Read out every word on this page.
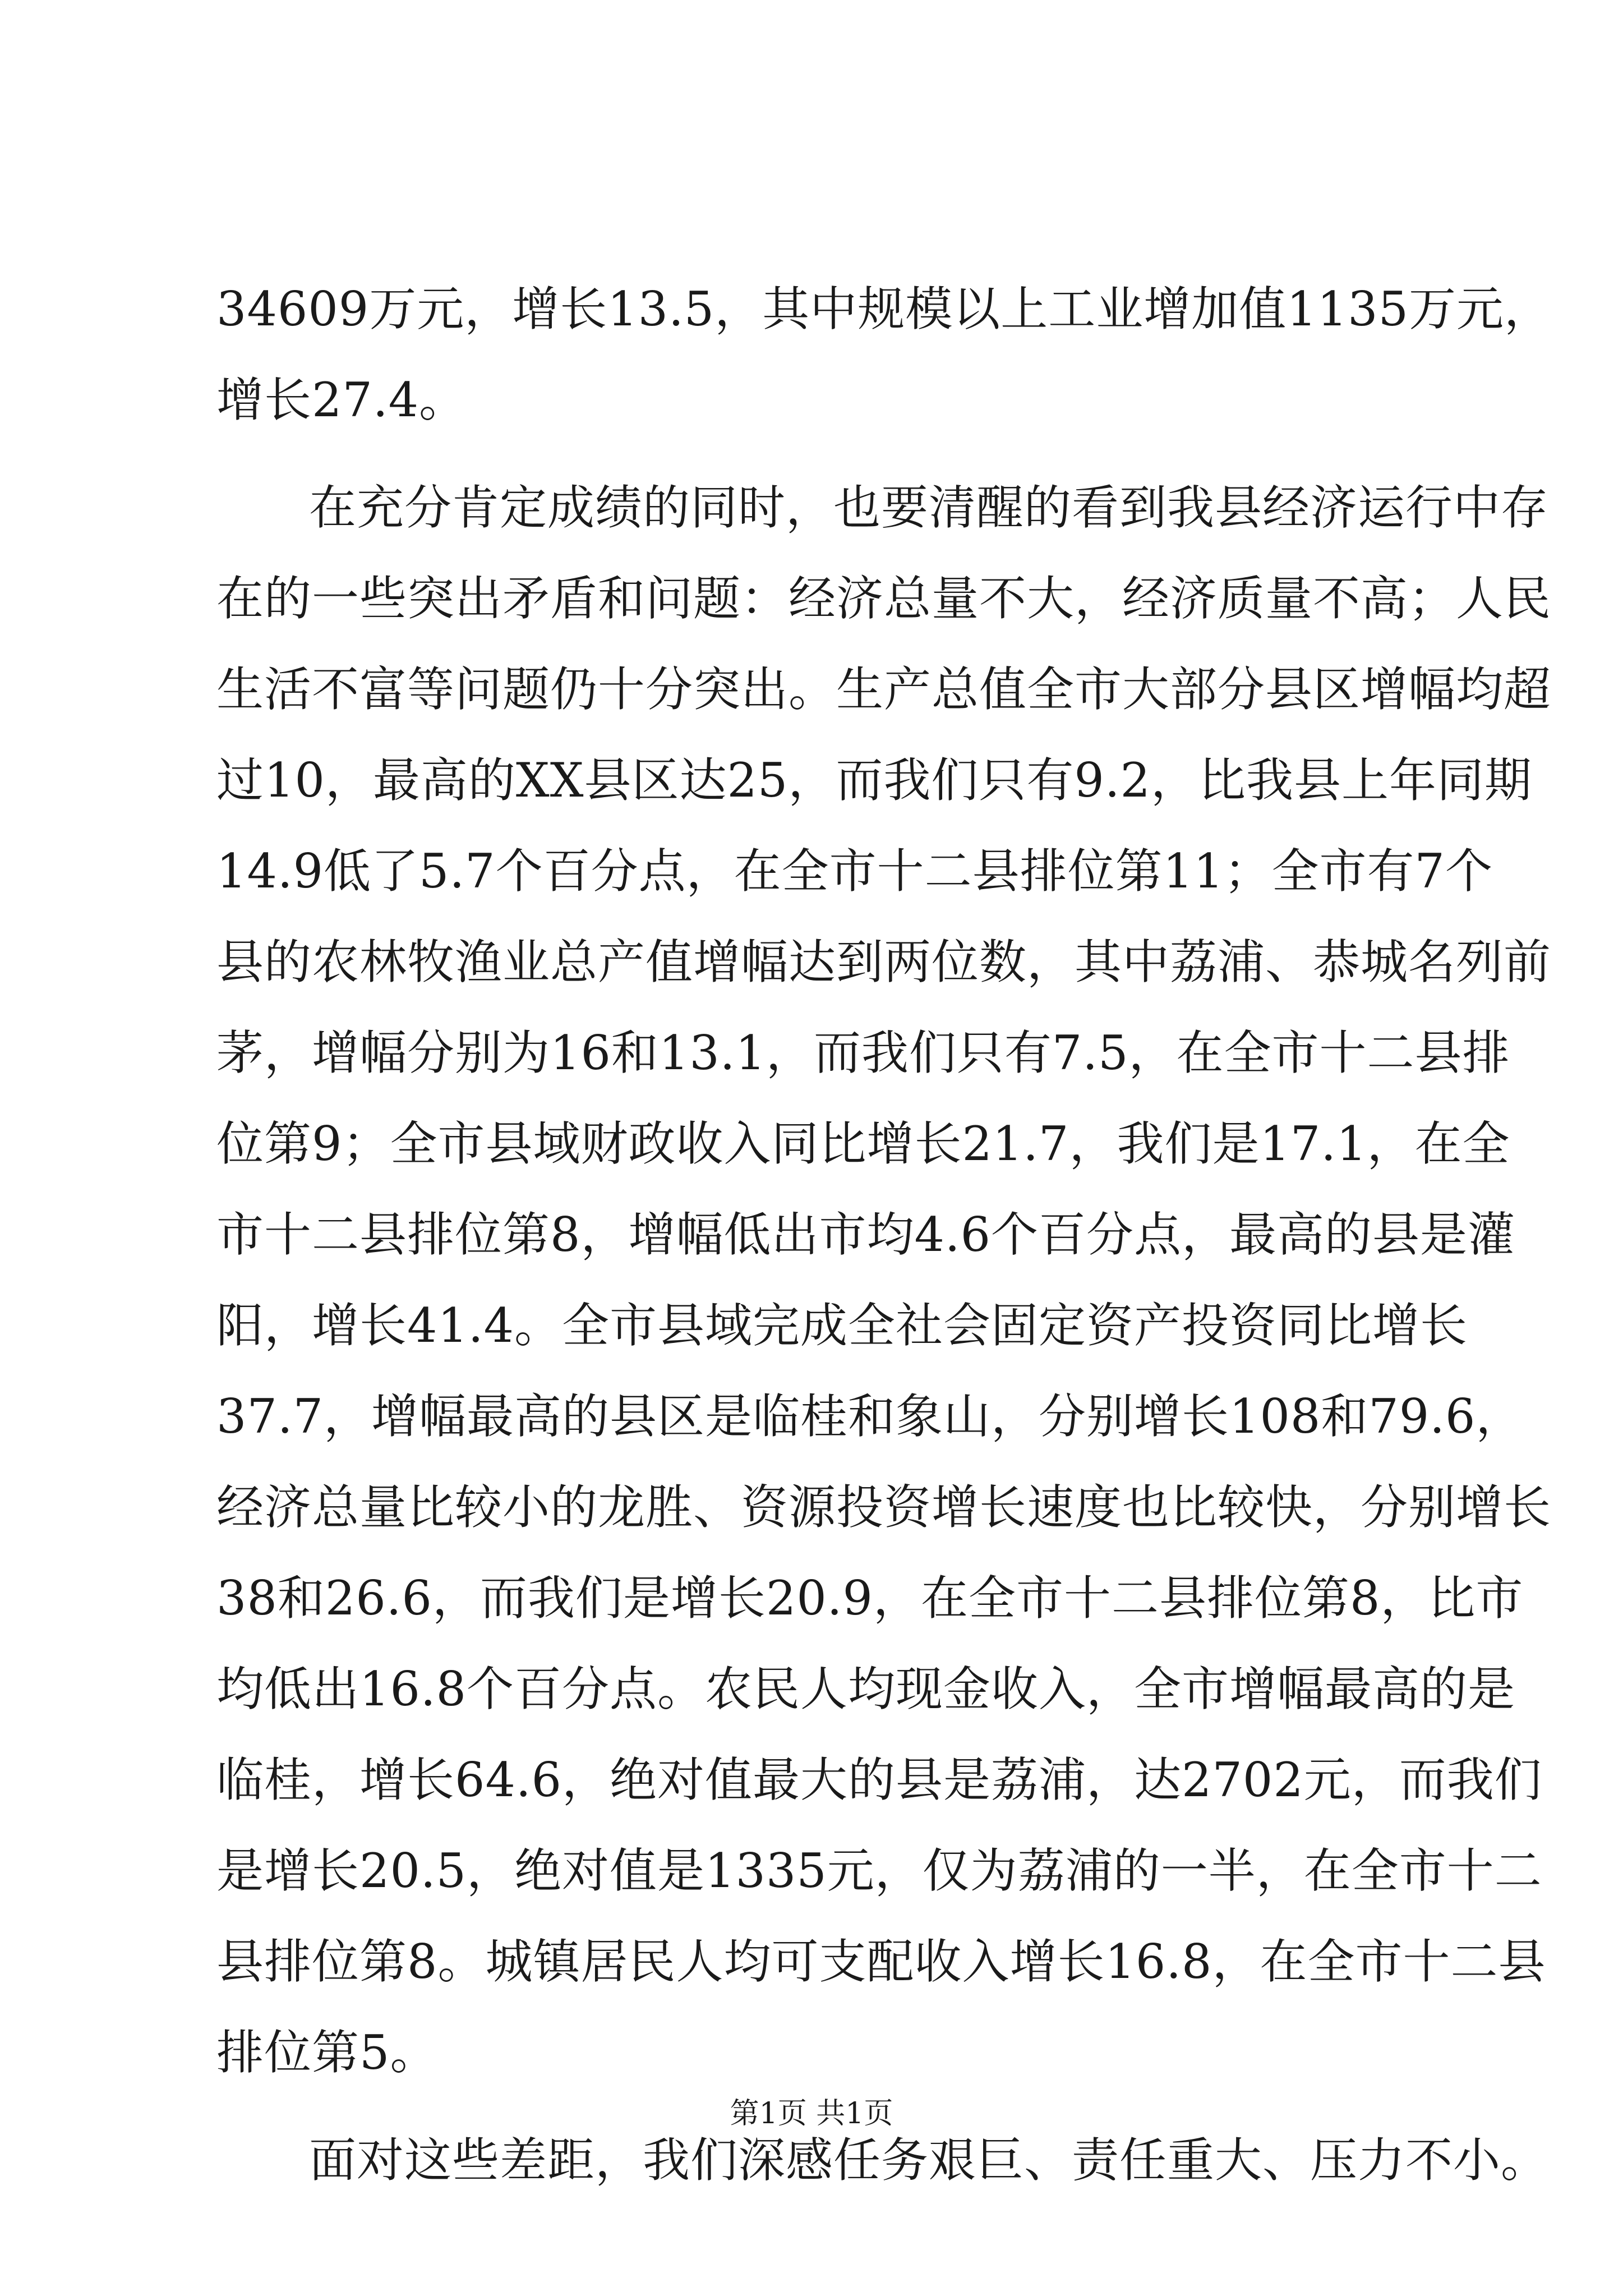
34609万元，增长13.5，其中规模以上工业增加值1135万元，
增长27.4。
在充分肯定成绩的同时，也要清醒的看到我县经济运行中存
在的一些突出矛盾和问题：经济总量不大，经济质量不高；人民
生活不富等问题仍十分突出。生产总值全市大部分县区增幅均超
过10，最高的XX县区达25，而我们只有9.2，比我县上年同期
14.9低了5.7个百分点，在全市十二县排位第11；全市有7个
县的农林牧渔业总产值增幅达到两位数，其中荔浦、恭城名列前
茅，增幅分别为16和13.1，而我们只有7.5，在全市十二县排
位第9；全市县域财政收入同比增长21.7，我们是17.1，在全
市十二县排位第8，增幅低出市均4.6个百分点，最高的县是灌
阳，增长41.4。全市县域完成全社会固定资产投资同比增长
37.7，增幅最高的县区是临桂和象山，分别增长108和79.6，
经济总量比较小的龙胜、资源投资增长速度也比较快，分别增长
38和26.6，而我们是增长20.9，在全市十二县排位第8，比市
均低出16.8个百分点。农民人均现金收入，全市增幅最高的是
临桂，增长64.6，绝对值最大的县是荔浦，达2702元，而我们
是增长20.5，绝对值是1335元，仅为荔浦的一半，在全市十二
县排位第8。城镇居民人均可支配收入增长16.8，在全市十二县
排位第5。
面对这些差距，我们深感任务艰巨、责任重大、压力不小。
第1页 共1页
